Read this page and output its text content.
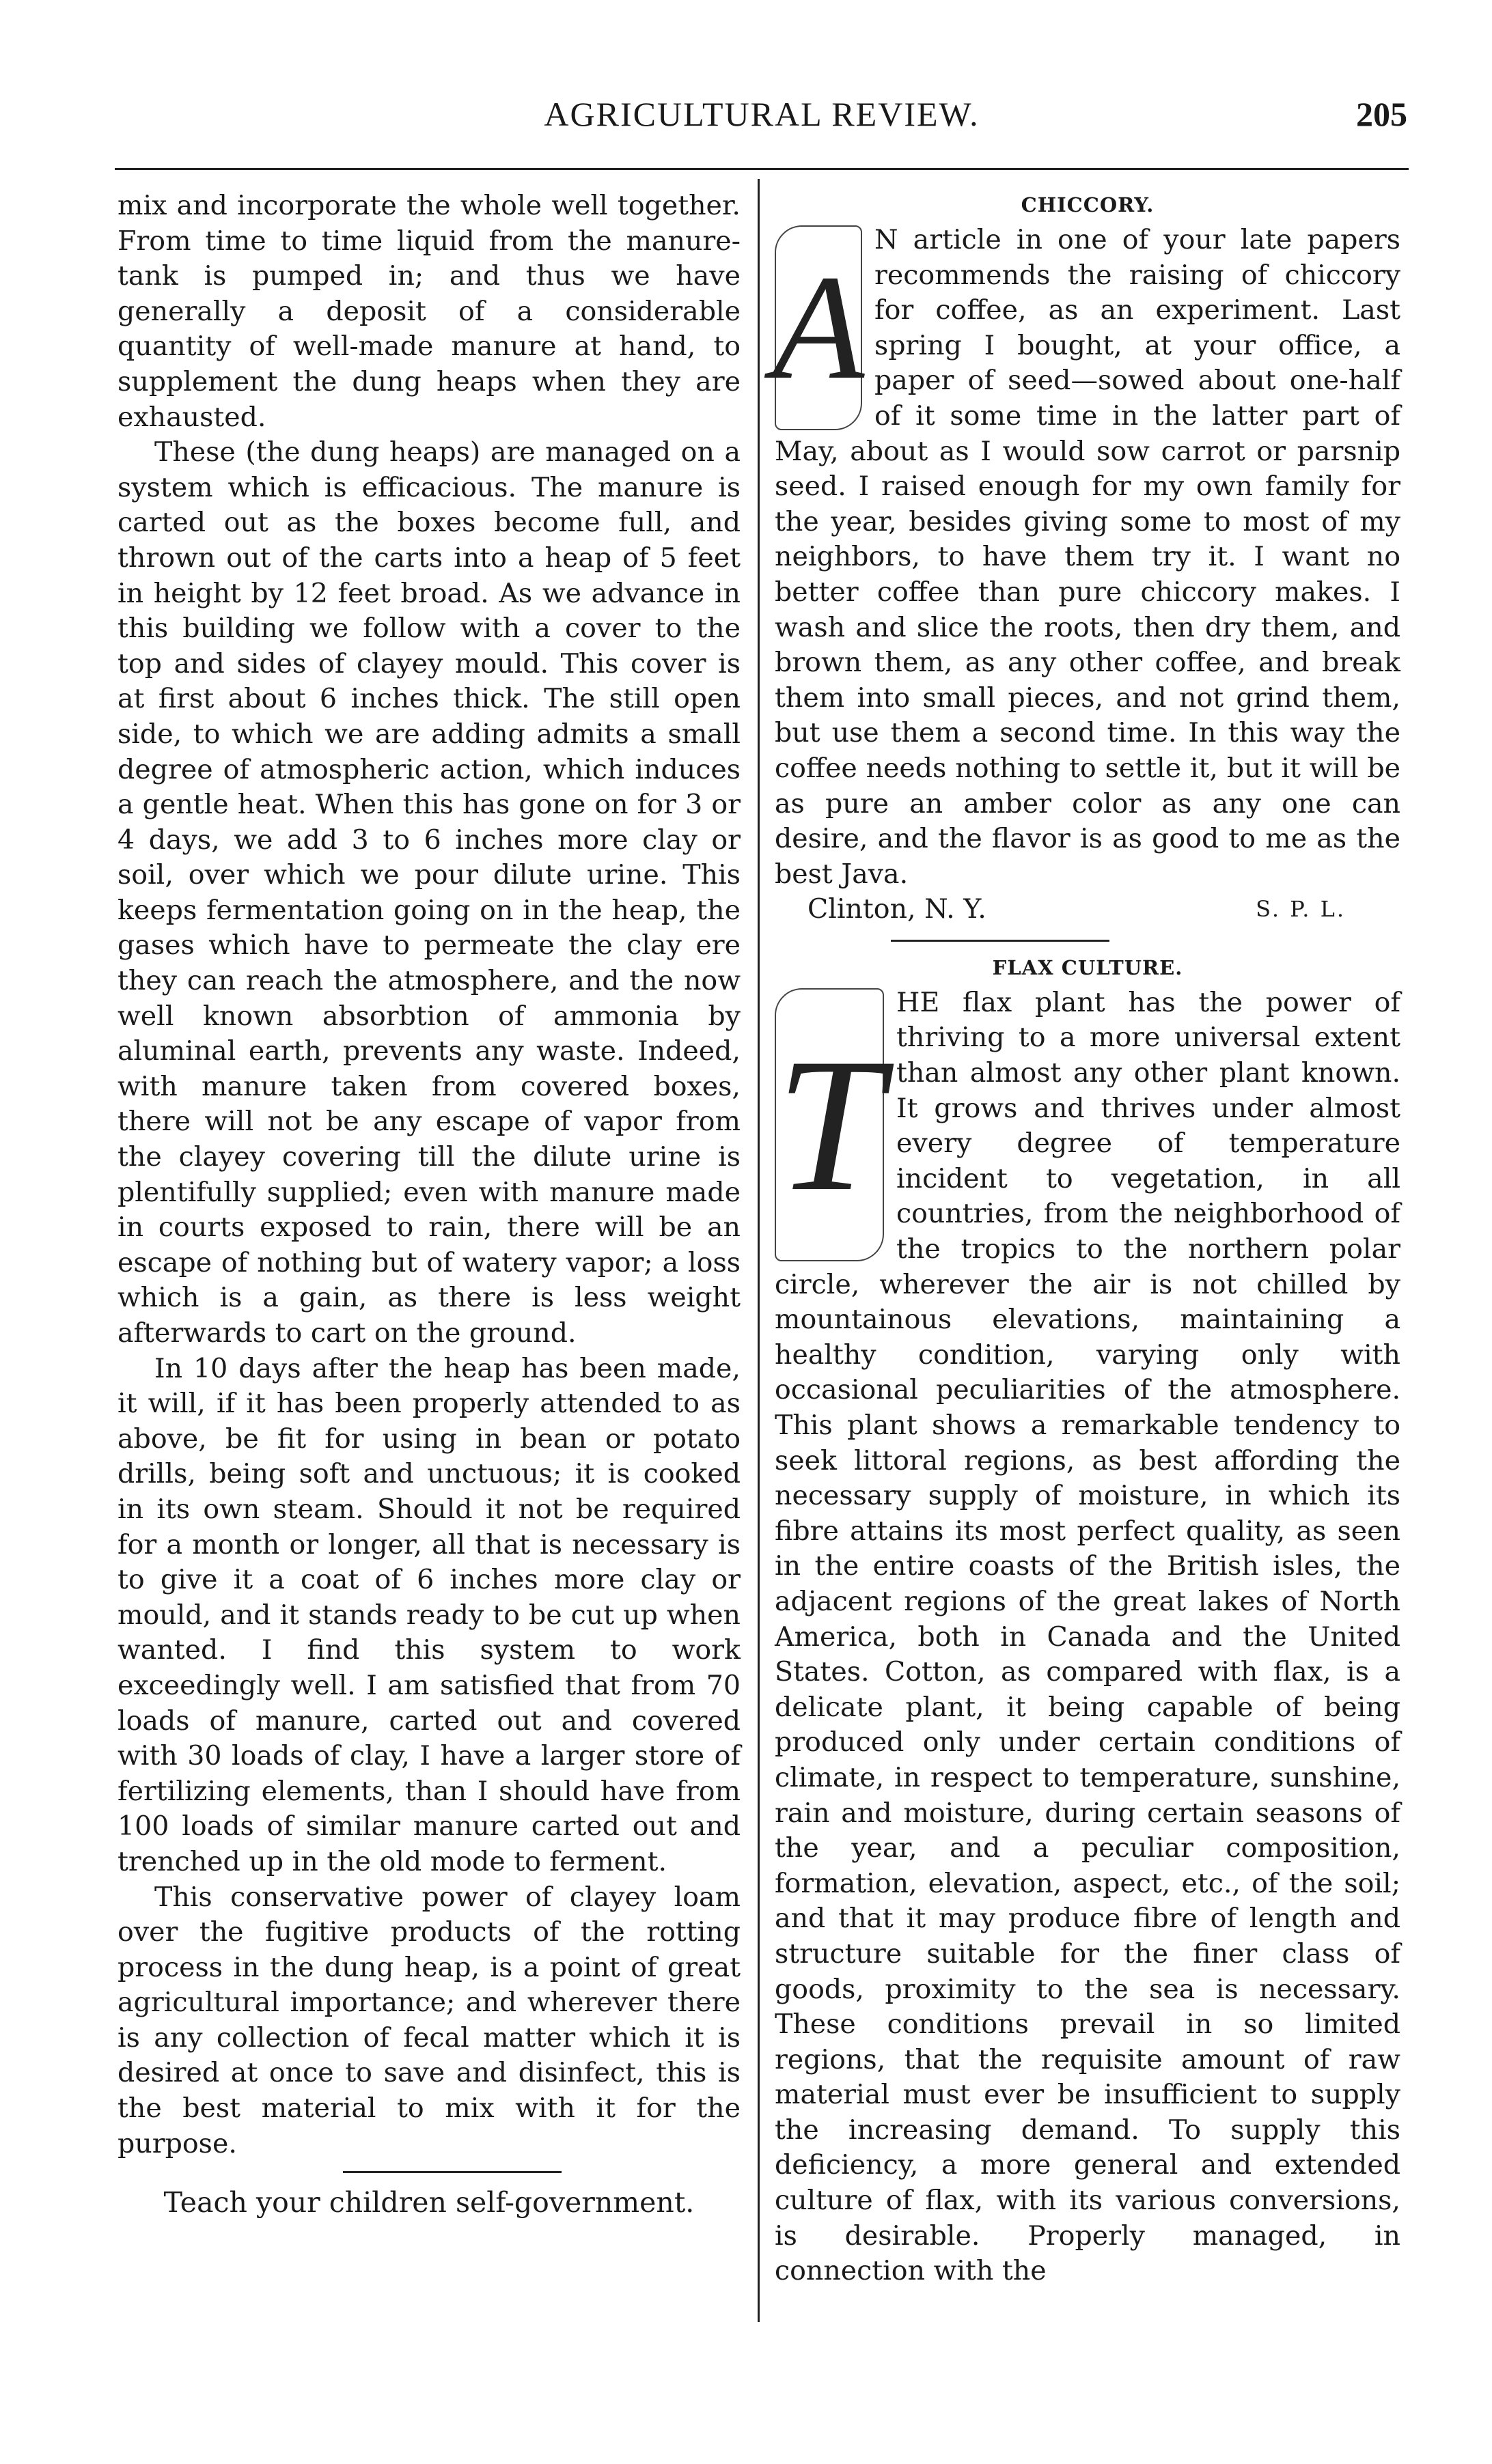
AGRICULTURAL REVIEW.	205

mix and incorporate the whole well together. From time to time liquid from the manure-tank is pumped in; and thus we have generally a deposit of a considerable quantity of well-made manure at hand, to supplement the dung heaps when they are exhausted.

These (the dung heaps) are managed on a system which is efficacious. The manure is carted out as the boxes become full, and thrown out of the carts into a heap of 5 feet in height by 12 feet broad. As we advance in this building we follow with a cover to the top and sides of clayey mould. This cover is at first about 6 inches thick. The still open side, to which we are adding admits a small degree of atmospheric action, which induces a gentle heat. When this has gone on for 3 or 4 days, we add 3 to 6 inches more clay or soil, over which we pour dilute urine. This keeps fermentation going on in the heap, the gases which have to permeate the clay ere they can reach the atmosphere, and the now well known absorbtion of ammonia by aluminal earth, prevents any waste. Indeed, with manure taken from covered boxes, there will not be any escape of vapor from the clayey covering till the dilute urine is plentifully supplied; even with manure made in courts exposed to rain, there will be an escape of nothing but of watery vapor; a loss which is a gain, as there is less weight afterwards to cart on the ground.

In 10 days after the heap has been made, it will, if it has been properly attended to as above, be fit for using in bean or potato drills, being soft and unctuous; it is cooked in its own steam. Should it not be required for a month or longer, all that is necessary is to give it a coat of 6 inches more clay or mould, and it stands ready to be cut up when wanted. I find this system to work exceedingly well. I am satisfied that from 70 loads of manure, carted out and covered with 30 loads of clay, I have a larger store of fertilizing elements, than I should have from 100 loads of similar manure carted out and trenched up in the old mode to ferment.

This conservative power of clayey loam over the fugitive products of the rotting process in the dung heap, is a point of great agricultural importance; and wherever there is any collection of fecal matter which it is desired at once to save and disinfect, this is the best material to mix with it for the purpose.

Teach your children self-government.
CHICCORY.

A
N article in one of your late papers recommends the raising of chiccory for coffee, as an experiment. Last spring I bought, at your office, a paper of seed—sowed about one-half of it some time in the latter part of May, about as I would sow carrot or parsnip seed. I raised enough for my own family for the year, besides giving some to most of my neighbors, to have them try it. I want no better coffee than pure chiccory makes. I wash and slice the roots, then dry them, and brown them, as any other coffee, and break them into small pieces, and not grind them, but use them a second time. In this way the coffee needs nothing to settle it, but it will be as pure an amber color as any one can desire, and the flavor is as good to me as the best Java.

Clinton, N. Y.	S. P. L.
FLAX CULTURE.

T
HE flax plant has the power of thriving to a more universal extent than almost any other plant known. It grows and thrives under almost every degree of temperature incident to vegetation, in all countries, from the neighborhood of the tropics to the northern polar circle, wherever the air is not chilled by mountainous elevations, maintaining a healthy condition, varying only with occasional peculiarities of the atmosphere. This plant shows a remarkable tendency to seek littoral regions, as best affording the necessary supply of moisture, in which its fibre attains its most perfect quality, as seen in the entire coasts of the British isles, the adjacent regions of the great lakes of North America, both in Canada and the United States. Cotton, as compared with flax, is a delicate plant, it being capable of being produced only under certain conditions of climate, in respect to temperature, sunshine, rain and moisture, during certain seasons of the year, and a peculiar composition, formation, elevation, aspect, etc., of the soil; and that it may produce fibre of length and structure suitable for the finer class of goods, proximity to the sea is necessary. These conditions prevail in so limited regions, that the requisite amount of raw material must ever be insufficient to supply the increasing demand. To supply this deficiency, a more general and extended culture of flax, with its various conversions, is desirable. Properly managed, in connection with the
